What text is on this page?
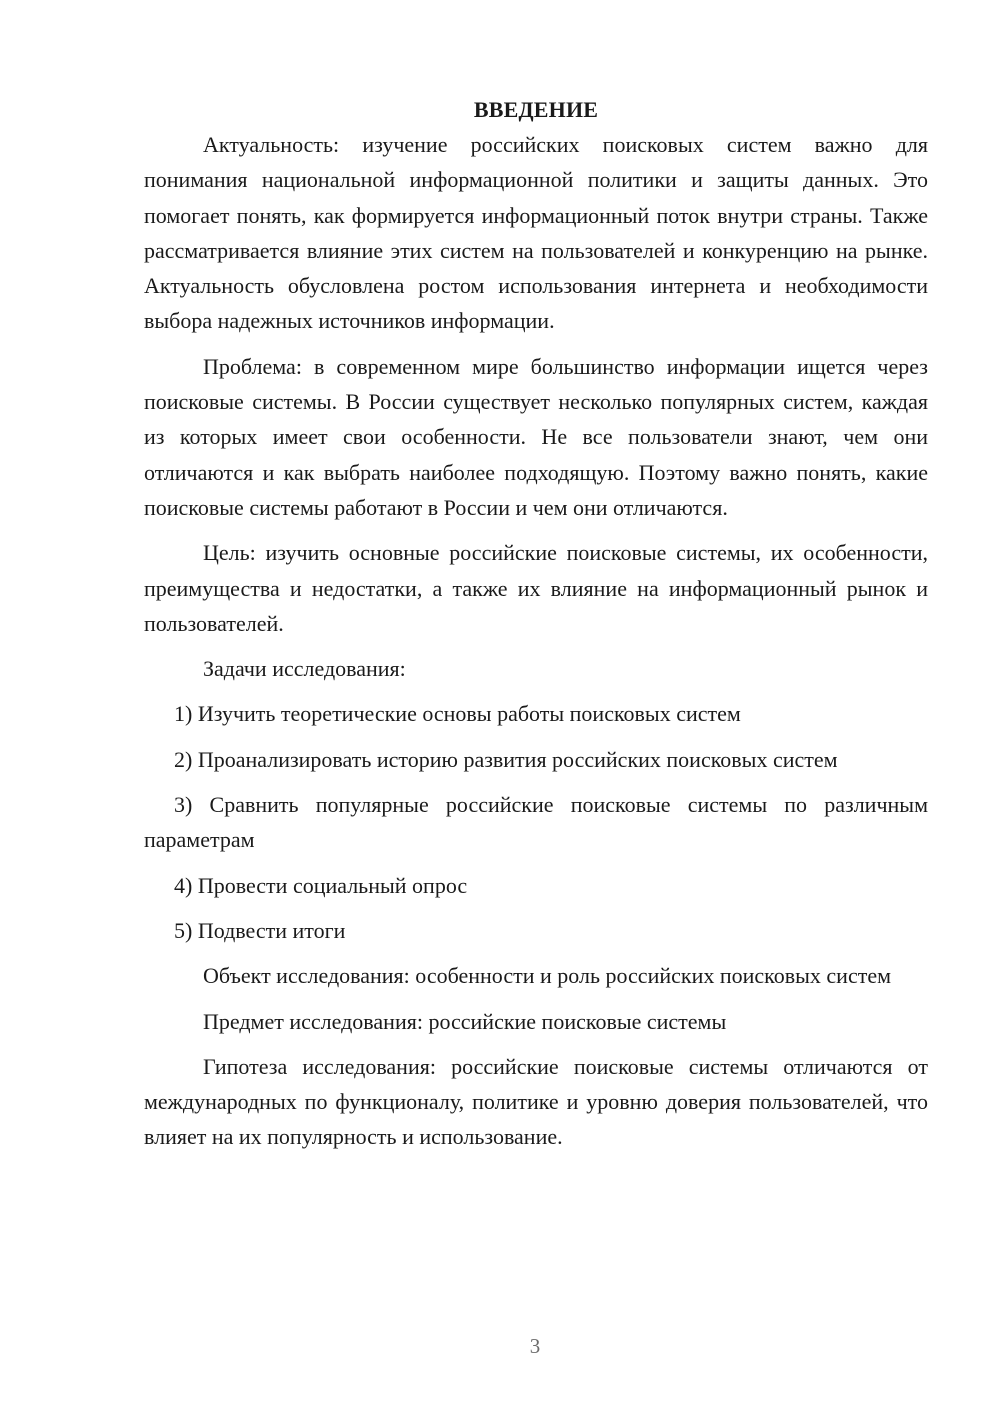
ВВЕДЕНИЕ

Актуальность: изучение российских поисковых систем важно для понимания национальной информационной политики и защиты данных. Это помогает понять, как формируется информационный поток внутри страны. Также рассматривается влияние этих систем на пользователей и конкуренцию на рынке. Актуальность обусловлена ростом использования интернета и необходимости выбора надежных источников информации.

Проблема: в современном мире большинство информации ищется через поисковые системы. В России существует несколько популярных систем, каждая из которых имеет свои особенности. Не все пользователи знают, чем они отличаются и как выбрать наиболее подходящую. Поэтому важно понять, какие поисковые системы работают в России и чем они отличаются.

Цель: изучить основные российские поисковые системы, их особенности, преимущества и недостатки, а также их влияние на информационный рынок и пользователей.

Задачи исследования:

1) Изучить теоретические основы работы поисковых систем

2) Проанализировать историю развития российских поисковых систем

3) Сравнить популярные российские поисковые системы по различным параметрам

4) Провести социальный опрос

5) Подвести итоги

Объект исследования: особенности и роль российских поисковых систем

Предмет исследования: российские поисковые системы

Гипотеза исследования: российские поисковые системы отличаются от международных по функционалу, политике и уровню доверия пользователей, что влияет на их популярность и использование.

3
